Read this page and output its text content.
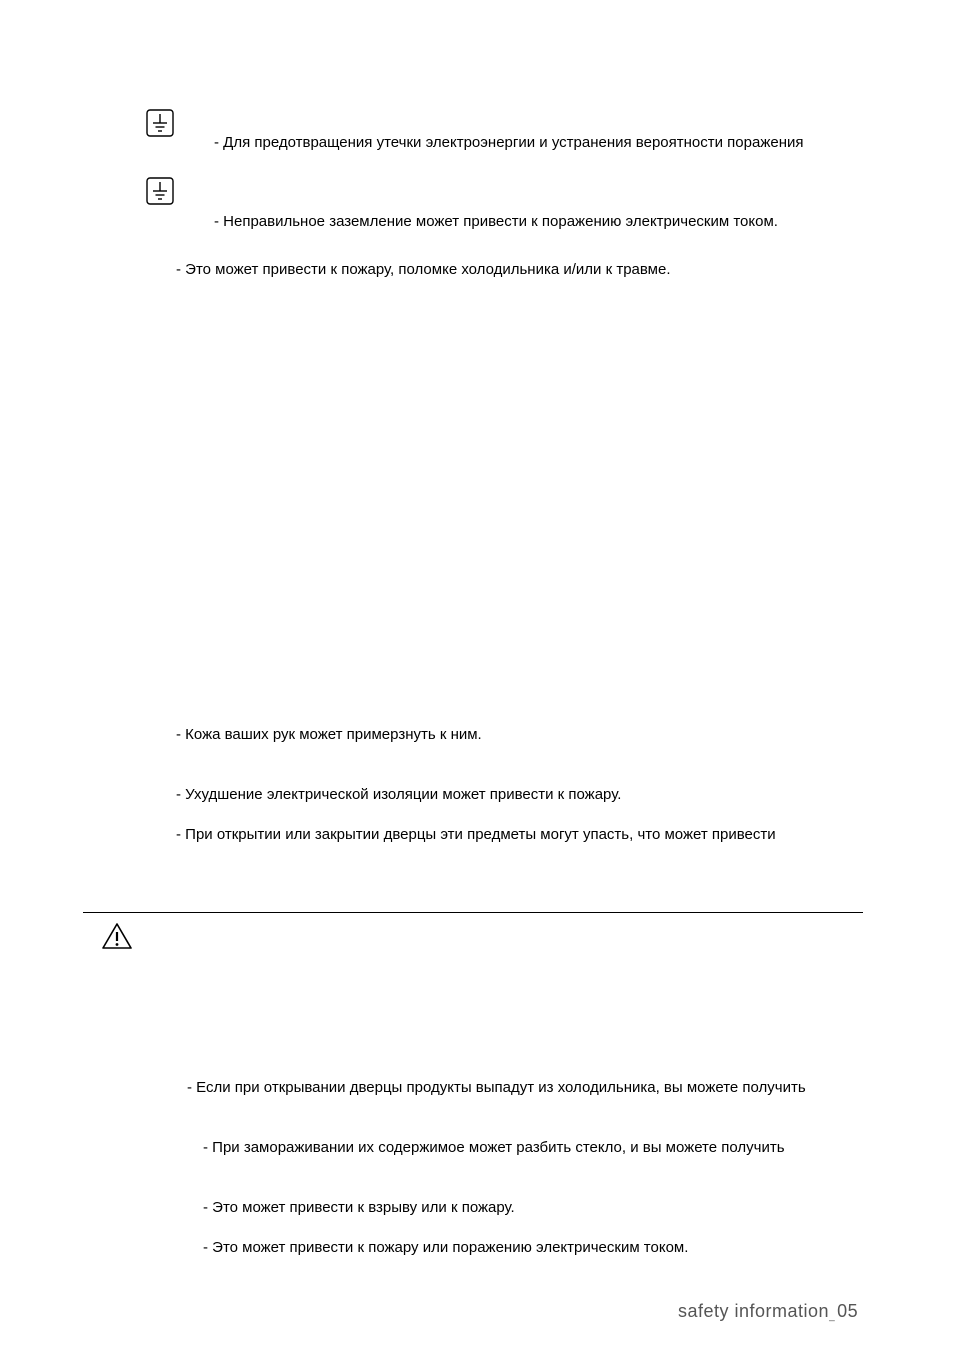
- Для предотвращения утечки электроэнергии и устранения вероятности поражения
- Неправильное заземление может привести к поражению электрическим током.
- Это может привести к пожару, поломке холодильника и/или к травме.
- Кожа ваших рук может примерзнуть к ним.
- Ухудшение электрической изоляции может привести к пожару.
- При открытии или закрытии дверцы эти предметы могут упасть, что может привести
- Если при открывании дверцы продукты выпадут из холодильника, вы можете получить
- При замораживании их содержимое может разбить стекло, и вы можете получить
- Это может привести к взрыву или к пожару.
- Это может привести к пожару или поражению электрическим током.
safety information_ 05
